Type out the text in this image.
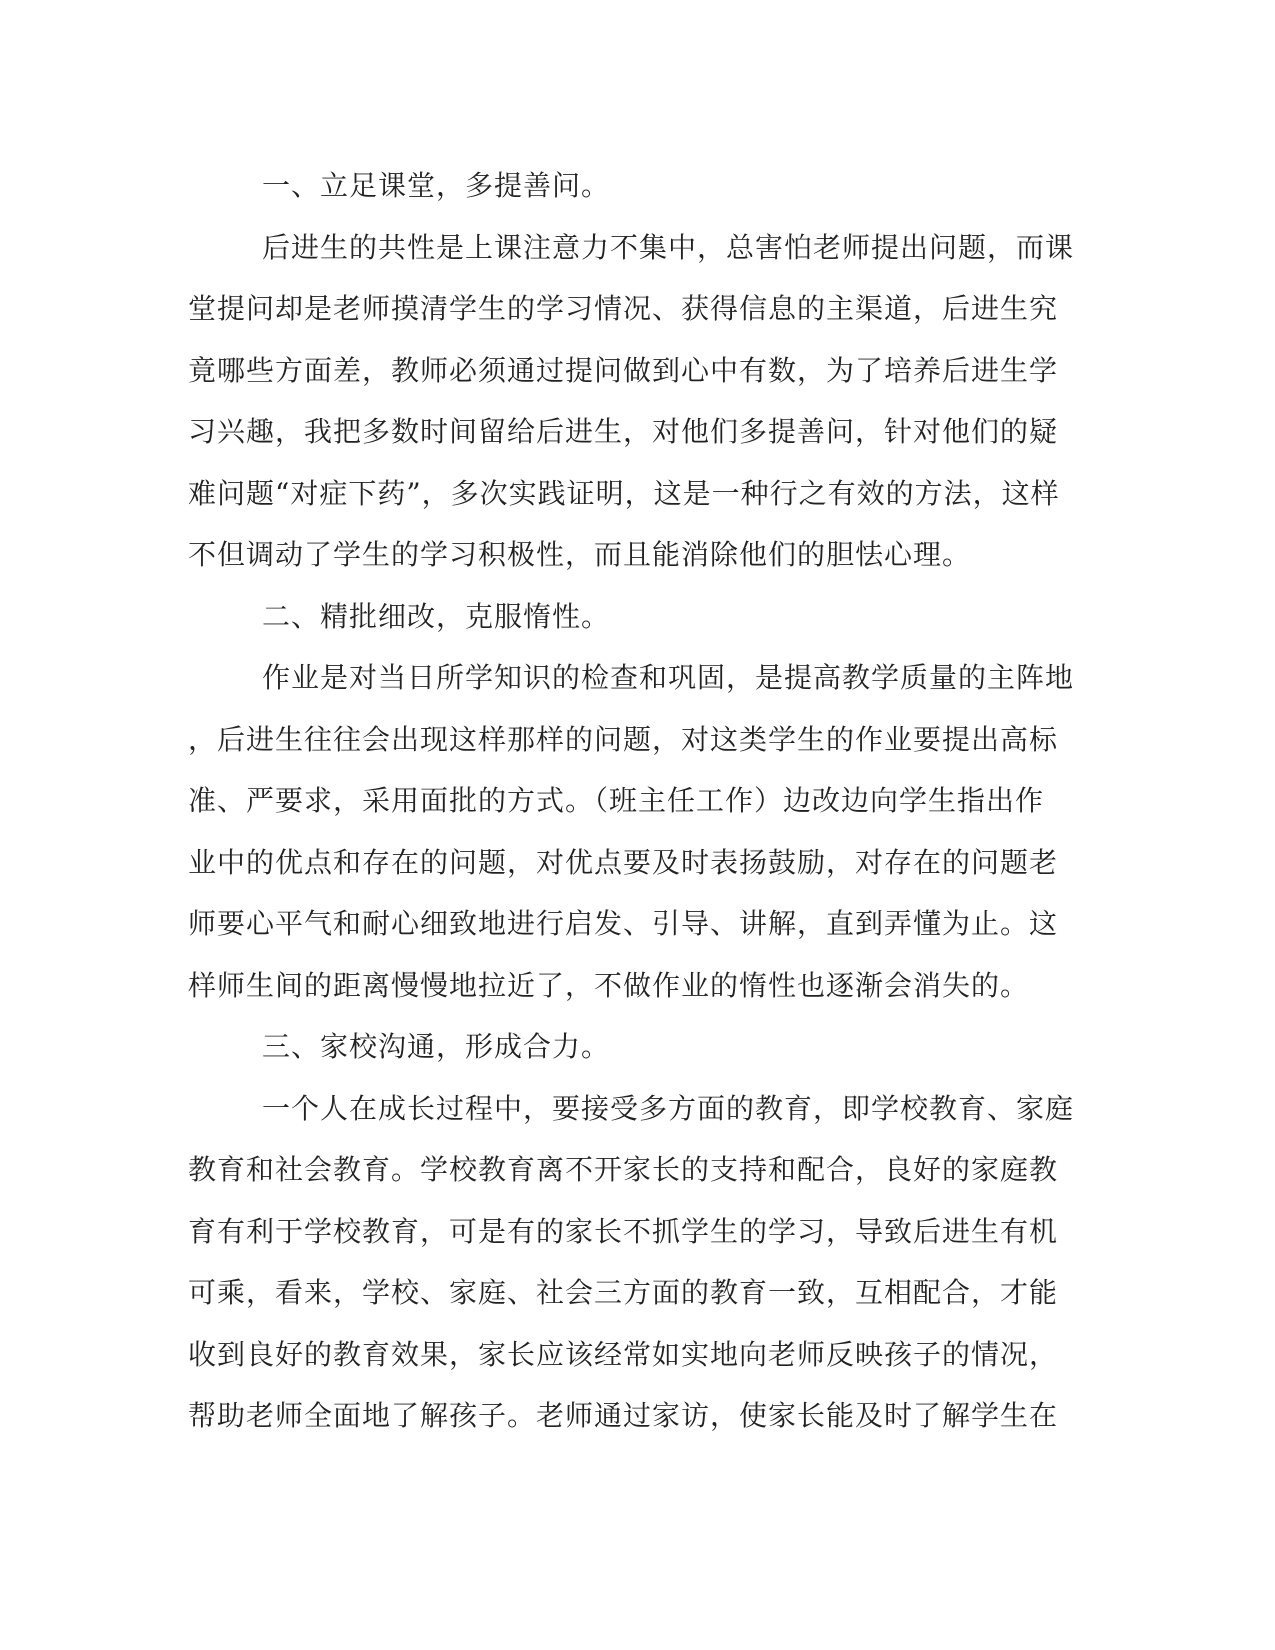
一、立足课堂，多提善问。
后进生的共性是上课注意力不集中，总害怕老师提出问题，而课
堂提问却是老师摸清学生的学习情况、获得信息的主渠道，后进生究
竟哪些方面差，教师必须通过提问做到心中有数，为了培养后进生学
习兴趣，我把多数时间留给后进生，对他们多提善问，针对他们的疑
难问题“对症下药”，多次实践证明，这是一种行之有效的方法，这样
不但调动了学生的学习积极性，而且能消除他们的胆怯心理。
二、精批细改，克服惰性。
作业是对当日所学知识的检查和巩固，是提高教学质量的主阵地
，后进生往往会出现这样那样的问题，对这类学生的作业要提出高标
准、严要求，采用面批的方式。（班主任工作）边改边向学生指出作
业中的优点和存在的问题，对优点要及时表扬鼓励，对存在的问题老
师要心平气和耐心细致地进行启发、引导、讲解，直到弄懂为止。这
样师生间的距离慢慢地拉近了，不做作业的惰性也逐渐会消失的。
三、家校沟通，形成合力。
一个人在成长过程中，要接受多方面的教育，即学校教育、家庭
教育和社会教育。学校教育离不开家长的支持和配合，良好的家庭教
育有利于学校教育，可是有的家长不抓学生的学习，导致后进生有机
可乘，看来，学校、家庭、社会三方面的教育一致，互相配合，才能
收到良好的教育效果，家长应该经常如实地向老师反映孩子的情况，
帮助老师全面地了解孩子。老师通过家访，使家长能及时了解学生在
